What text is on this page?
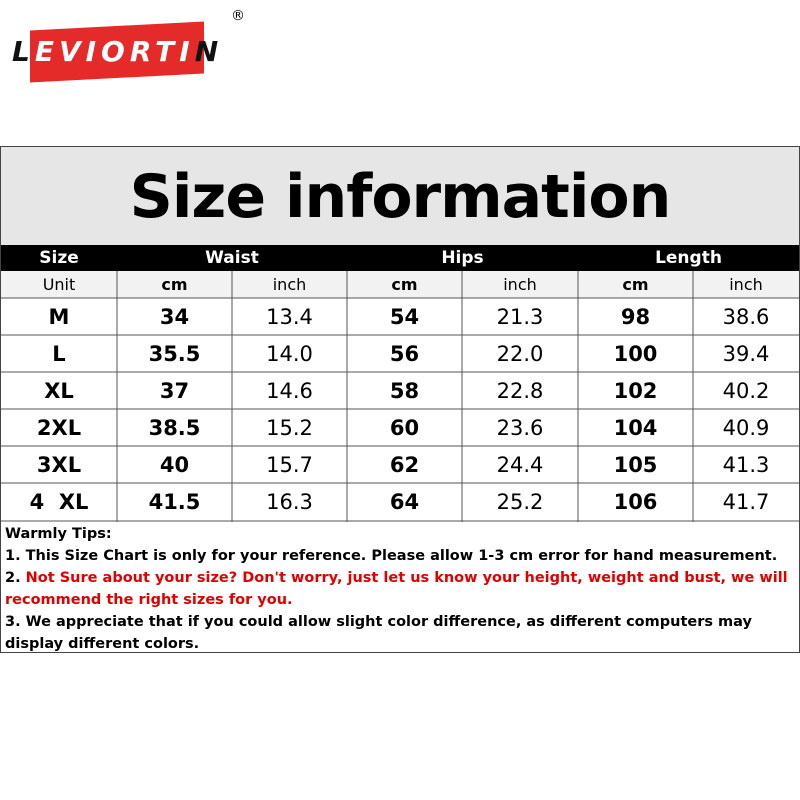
LEVIORTIN
®
Size information
Size	Waist	Hips	Length
Unit	cm	inch	cm	inch	cm	inch
M	34	13.4	54	21.3	98	38.6
L	35.5	14.0	56	22.0	100	39.4
XL	37	14.6	58	22.8	102	40.2
2XL	38.5	15.2	60	23.6	104	40.9
3XL	40	15.7	62	24.4	105	41.3
4  XL	41.5	16.3	64	25.2	106	41.7
Warmly Tips:
1. This Size Chart is only for your reference. Please allow 1-3 cm error for hand measurement.
2. Not Sure about your size? Don't worry, just let us know your height, weight and bust, we will recommend the right sizes for you.
3. We appreciate that if you could allow slight color difference, as different computers may display different colors.
